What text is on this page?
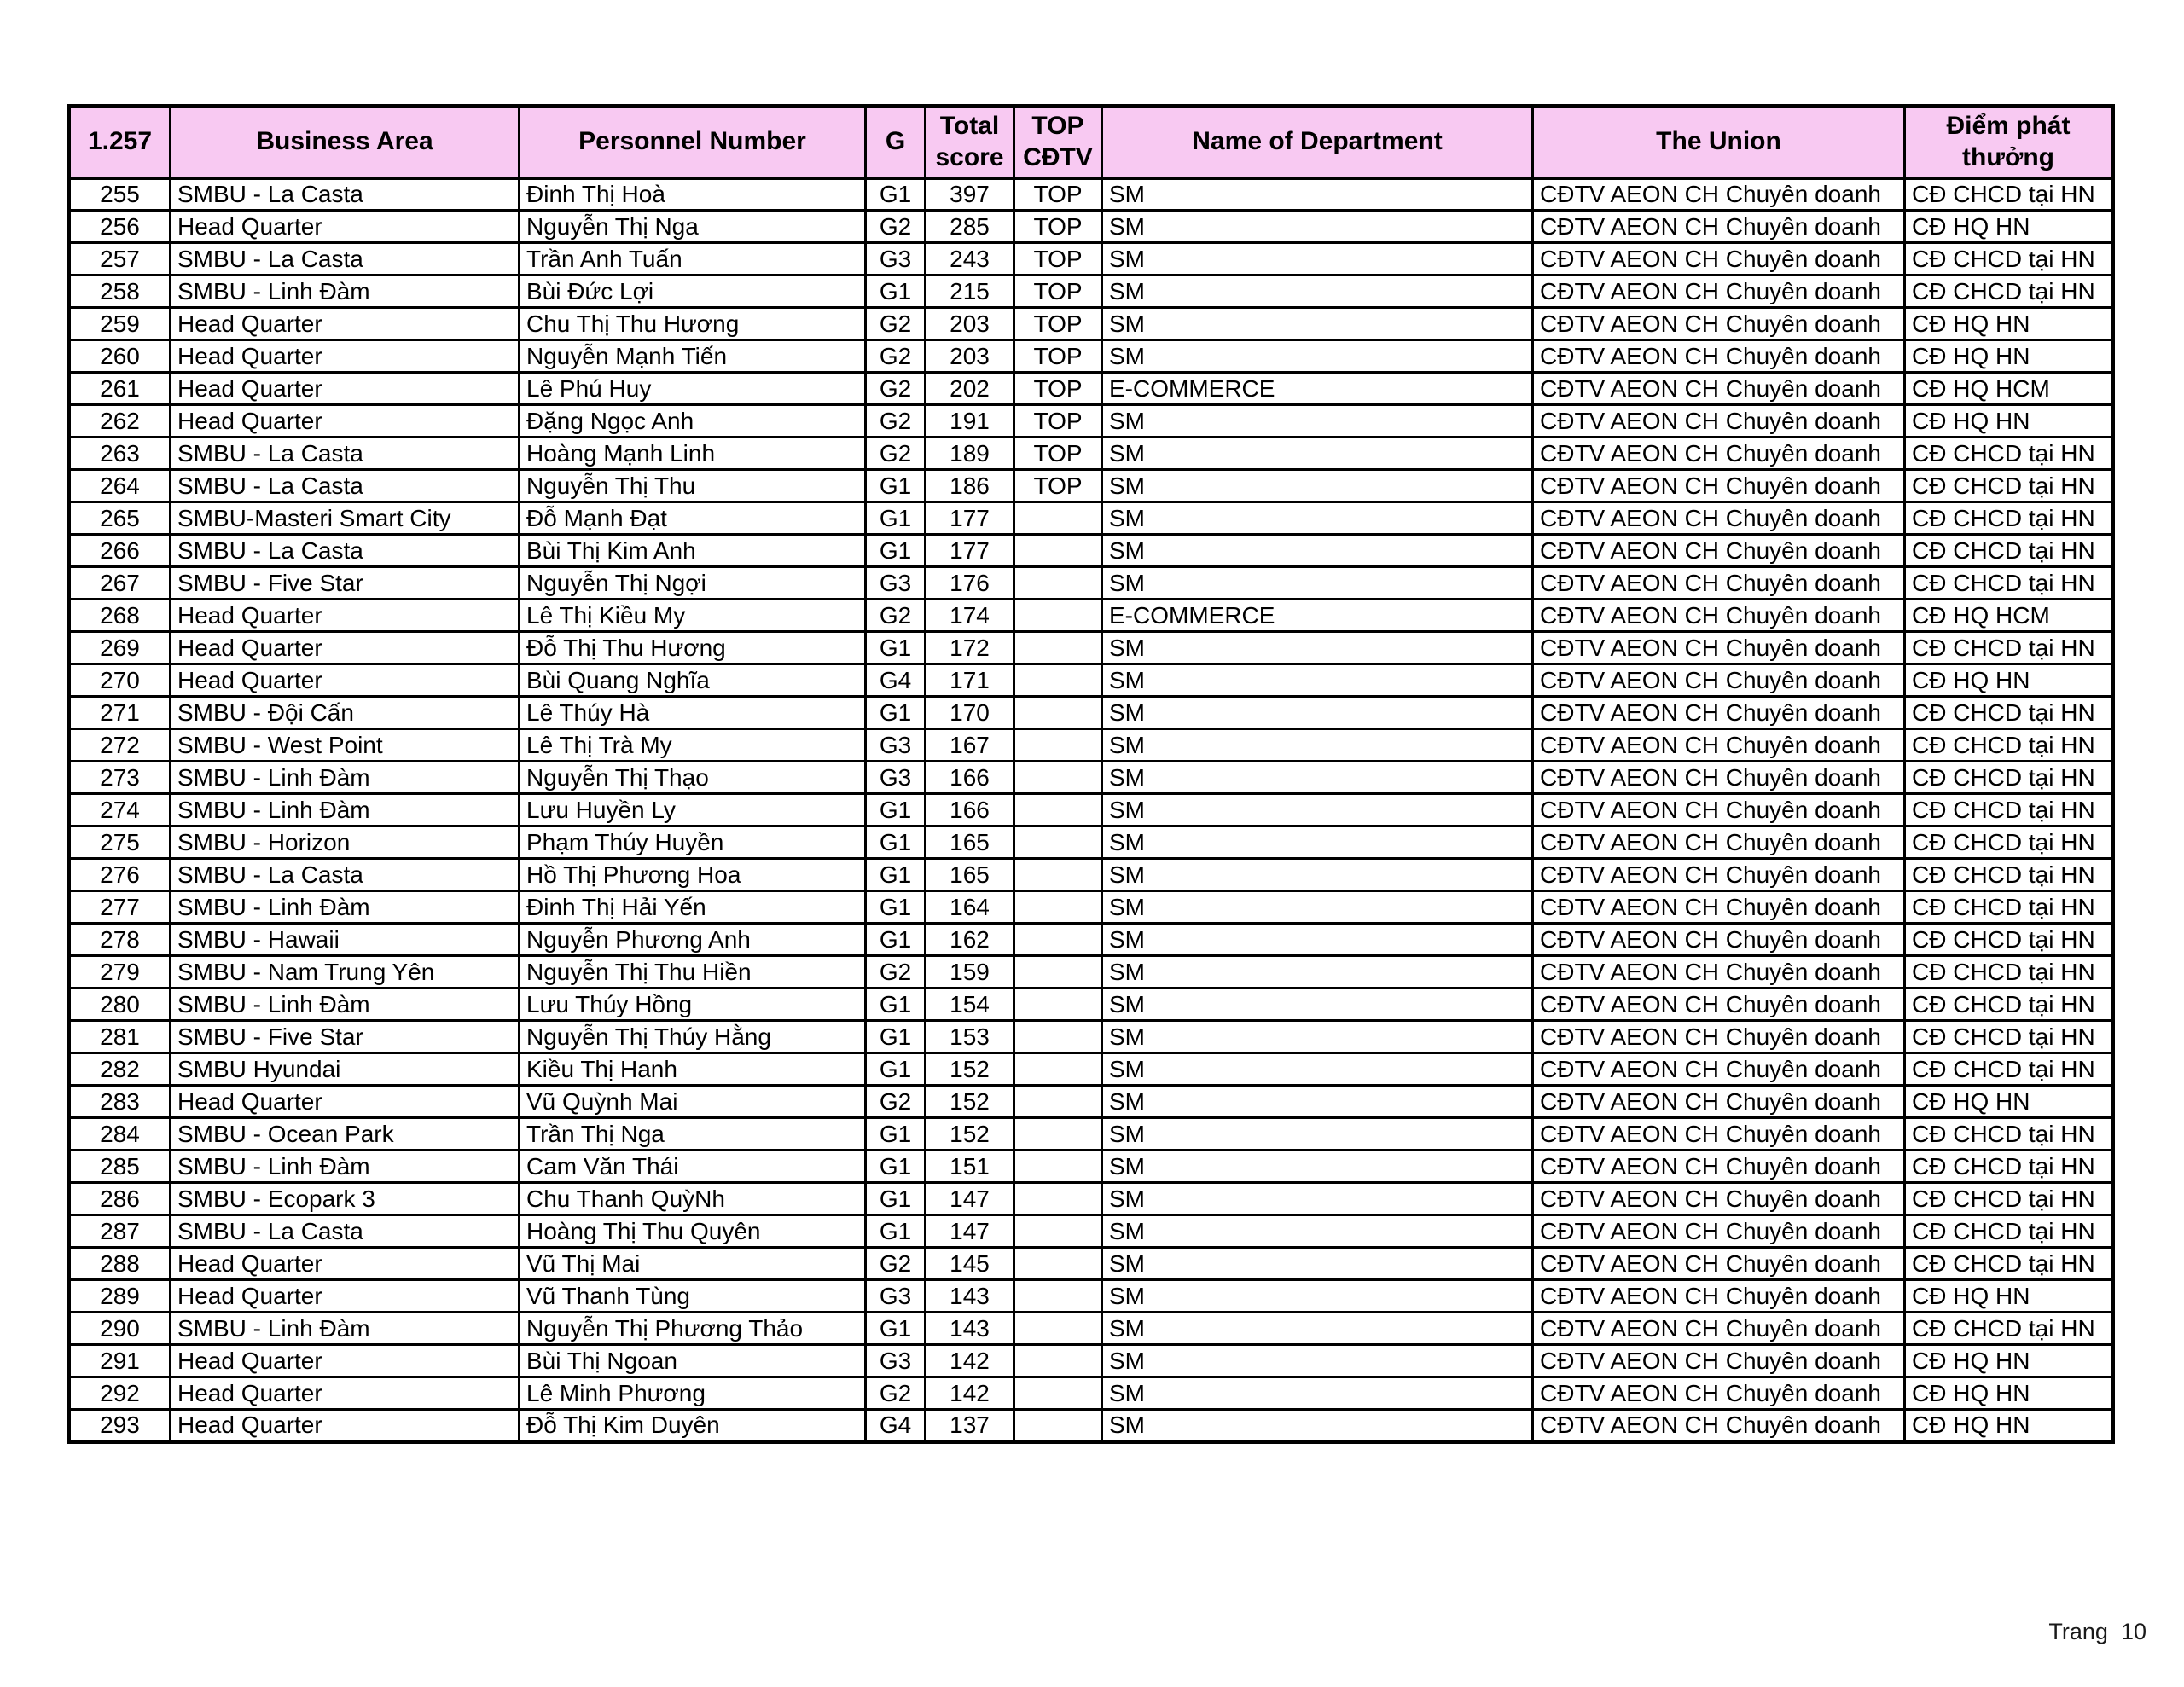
1.257	Business Area	Personnel Number	G	Total score	TOP CĐTV	Name of Department	The Union	Điểm phát thưởng
255	SMBU - La Casta	Đinh Thị Hoà	G1	397	TOP	SM	CĐTV AEON CH Chuyên doanh	CĐ CHCD tại HN
256	Head Quarter	Nguyễn Thị Nga	G2	285	TOP	SM	CĐTV AEON CH Chuyên doanh	CĐ HQ HN
257	SMBU - La Casta	Trần Anh Tuấn	G3	243	TOP	SM	CĐTV AEON CH Chuyên doanh	CĐ CHCD tại HN
258	SMBU - Linh Đàm	Bùi Đức Lợi	G1	215	TOP	SM	CĐTV AEON CH Chuyên doanh	CĐ CHCD tại HN
259	Head Quarter	Chu Thị Thu Hương	G2	203	TOP	SM	CĐTV AEON CH Chuyên doanh	CĐ HQ HN
260	Head Quarter	Nguyễn Mạnh Tiến	G2	203	TOP	SM	CĐTV AEON CH Chuyên doanh	CĐ HQ HN
261	Head Quarter	Lê Phú Huy	G2	202	TOP	E-COMMERCE	CĐTV AEON CH Chuyên doanh	CĐ HQ HCM
262	Head Quarter	Đặng Ngọc Anh	G2	191	TOP	SM	CĐTV AEON CH Chuyên doanh	CĐ HQ HN
263	SMBU - La Casta	Hoàng Mạnh Linh	G2	189	TOP	SM	CĐTV AEON CH Chuyên doanh	CĐ CHCD tại HN
264	SMBU - La Casta	Nguyễn Thị Thu	G1	186	TOP	SM	CĐTV AEON CH Chuyên doanh	CĐ CHCD tại HN
265	SMBU-Masteri Smart City	Đỗ Mạnh Đạt	G1	177		SM	CĐTV AEON CH Chuyên doanh	CĐ CHCD tại HN
266	SMBU - La Casta	Bùi Thị Kim Anh	G1	177		SM	CĐTV AEON CH Chuyên doanh	CĐ CHCD tại HN
267	SMBU - Five Star	Nguyễn Thị Ngợi	G3	176		SM	CĐTV AEON CH Chuyên doanh	CĐ CHCD tại HN
268	Head Quarter	Lê Thị Kiều My	G2	174		E-COMMERCE	CĐTV AEON CH Chuyên doanh	CĐ HQ HCM
269	Head Quarter	Đỗ Thị Thu Hương	G1	172		SM	CĐTV AEON CH Chuyên doanh	CĐ CHCD tại HN
270	Head Quarter	Bùi Quang Nghĩa	G4	171		SM	CĐTV AEON CH Chuyên doanh	CĐ HQ HN
271	SMBU - Đội Cấn	Lê Thúy Hà	G1	170		SM	CĐTV AEON CH Chuyên doanh	CĐ CHCD tại HN
272	SMBU - West Point	Lê Thị Trà My	G3	167		SM	CĐTV AEON CH Chuyên doanh	CĐ CHCD tại HN
273	SMBU - Linh Đàm	Nguyễn Thị Thạo	G3	166		SM	CĐTV AEON CH Chuyên doanh	CĐ CHCD tại HN
274	SMBU - Linh Đàm	Lưu Huyền Ly	G1	166		SM	CĐTV AEON CH Chuyên doanh	CĐ CHCD tại HN
275	SMBU - Horizon	Phạm Thúy Huyền	G1	165		SM	CĐTV AEON CH Chuyên doanh	CĐ CHCD tại HN
276	SMBU - La Casta	Hồ Thị Phương Hoa	G1	165		SM	CĐTV AEON CH Chuyên doanh	CĐ CHCD tại HN
277	SMBU - Linh Đàm	Đinh Thị Hải Yến	G1	164		SM	CĐTV AEON CH Chuyên doanh	CĐ CHCD tại HN
278	SMBU - Hawaii	Nguyễn Phương Anh	G1	162		SM	CĐTV AEON CH Chuyên doanh	CĐ CHCD tại HN
279	SMBU - Nam Trung Yên	Nguyễn Thị Thu Hiền	G2	159		SM	CĐTV AEON CH Chuyên doanh	CĐ CHCD tại HN
280	SMBU - Linh Đàm	Lưu Thúy Hồng	G1	154		SM	CĐTV AEON CH Chuyên doanh	CĐ CHCD tại HN
281	SMBU - Five Star	Nguyễn Thị Thúy Hằng	G1	153		SM	CĐTV AEON CH Chuyên doanh	CĐ CHCD tại HN
282	SMBU Hyundai	Kiều Thị Hanh	G1	152		SM	CĐTV AEON CH Chuyên doanh	CĐ CHCD tại HN
283	Head Quarter	Vũ Quỳnh Mai	G2	152		SM	CĐTV AEON CH Chuyên doanh	CĐ HQ HN
284	SMBU - Ocean Park	Trần Thị Nga	G1	152		SM	CĐTV AEON CH Chuyên doanh	CĐ CHCD tại HN
285	SMBU - Linh Đàm	Cam Văn Thái	G1	151		SM	CĐTV AEON CH Chuyên doanh	CĐ CHCD tại HN
286	SMBU - Ecopark 3	Chu Thanh QuỳNh	G1	147		SM	CĐTV AEON CH Chuyên doanh	CĐ CHCD tại HN
287	SMBU - La Casta	Hoàng Thị Thu Quyên	G1	147		SM	CĐTV AEON CH Chuyên doanh	CĐ CHCD tại HN
288	Head Quarter	Vũ Thị Mai	G2	145		SM	CĐTV AEON CH Chuyên doanh	CĐ CHCD tại HN
289	Head Quarter	Vũ Thanh Tùng	G3	143		SM	CĐTV AEON CH Chuyên doanh	CĐ HQ HN
290	SMBU - Linh Đàm	Nguyễn Thị Phương Thảo	G1	143		SM	CĐTV AEON CH Chuyên doanh	CĐ CHCD tại HN
291	Head Quarter	Bùi Thị Ngoan	G3	142		SM	CĐTV AEON CH Chuyên doanh	CĐ HQ HN
292	Head Quarter	Lê Minh Phương	G2	142		SM	CĐTV AEON CH Chuyên doanh	CĐ HQ HN
293	Head Quarter	Đỗ Thị Kim Duyên	G4	137		SM	CĐTV AEON CH Chuyên doanh	CĐ HQ HN
Trang  10
